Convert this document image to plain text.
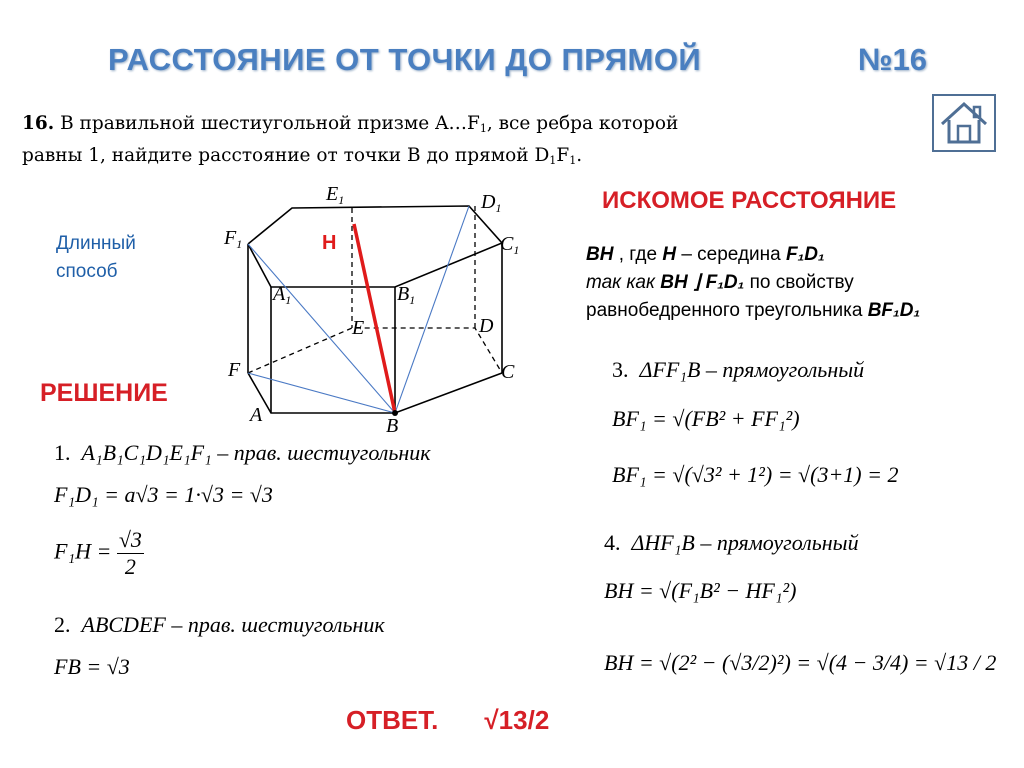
РАССТОЯНИЕ ОТ ТОЧКИ ДО ПРЯМОЙ	№16
16. В правильной шестиугольной призме $A\dots F_1$, все ребра которой
равны 1, найдите расстояние от точки B до прямой $D_1F_1$.
Длинный способ
$E_1$	$D_1$
$F_1$	$C_1$
$A_1$	$B_1$
E	D
F	C
A	B
H
ИСКОМОЕ РАССТОЯНИЕ
РЕШЕНИЕ
BH , где H – середина F₁D₁
так как BH ⌋ F₁D₁ по свойству
равнобедренного треугольника BF₁D₁
1. A₁B₁C₁D₁E₁F₁ – прав. шестиугольник
F₁D₁ = a√3 = 1·√3 = √3
$F_1H = \frac{√3}{2}$
2. ABCDEF – прав. шестиугольник
FB = √3
3. ΔFF₁B – прямоугольный
BF₁ = √(FB² + FF₁²)
BF₁ = √(√3² + 1²) = √(3+1) = 2
4. ΔHF₁B – прямоугольный
BH = √(F₁B² − HF₁²)
BH = √(2² − (√3/2)²) = √(4 − 3/4) = √13 / 2
ОТВЕТ. √13/2
